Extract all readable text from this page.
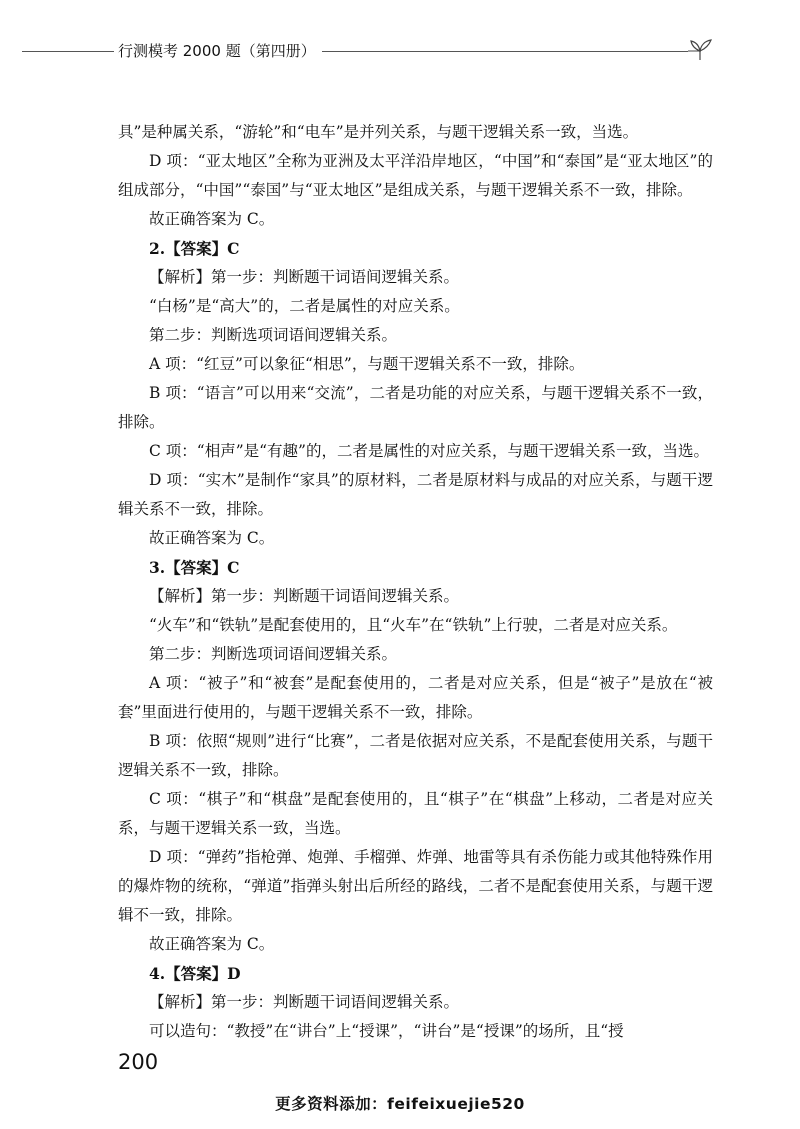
行测模考 2000 题（第四册）

具”是种属关系，“游轮”和“电车”是并列关系，与题干逻辑关系一致，当选。

D 项：“亚太地区”全称为亚洲及太平洋沿岸地区，“中国”和“泰国”是“亚太地区”的组成部分，“中国”“泰国”与“亚太地区”是组成关系，与题干逻辑关系不一致，排除。

故正确答案为 C。

2.【答案】C

【解析】第一步：判断题干词语间逻辑关系。

“白杨”是“高大”的，二者是属性的对应关系。

第二步：判断选项词语间逻辑关系。

A 项：“红豆”可以象征“相思”，与题干逻辑关系不一致，排除。

B 项：“语言”可以用来“交流”，二者是功能的对应关系，与题干逻辑关系不一致，排除。

C 项：“相声”是“有趣”的，二者是属性的对应关系，与题干逻辑关系一致，当选。

D 项：“实木”是制作“家具”的原材料，二者是原材料与成品的对应关系，与题干逻辑关系不一致，排除。

故正确答案为 C。

3.【答案】C

【解析】第一步：判断题干词语间逻辑关系。

“火车”和“铁轨”是配套使用的，且“火车”在“铁轨”上行驶，二者是对应关系。

第二步：判断选项词语间逻辑关系。

A 项：“被子”和“被套”是配套使用的，二者是对应关系，但是“被子”是放在“被套”里面进行使用的，与题干逻辑关系不一致，排除。

B 项：依照“规则”进行“比赛”，二者是依据对应关系，不是配套使用关系，与题干逻辑关系不一致，排除。

C 项：“棋子”和“棋盘”是配套使用的，且“棋子”在“棋盘”上移动，二者是对应关系，与题干逻辑关系一致，当选。

D 项：“弹药”指枪弹、炮弹、手榴弹、炸弹、地雷等具有杀伤能力或其他特殊作用的爆炸物的统称，“弹道”指弹头射出后所经的路线，二者不是配套使用关系，与题干逻辑不一致，排除。

故正确答案为 C。

4.【答案】D

【解析】第一步：判断题干词语间逻辑关系。

可以造句：“教授”在“讲台”上“授课”，“讲台”是“授课”的场所，且“授

200
更多资料添加：feifeixuejie520
